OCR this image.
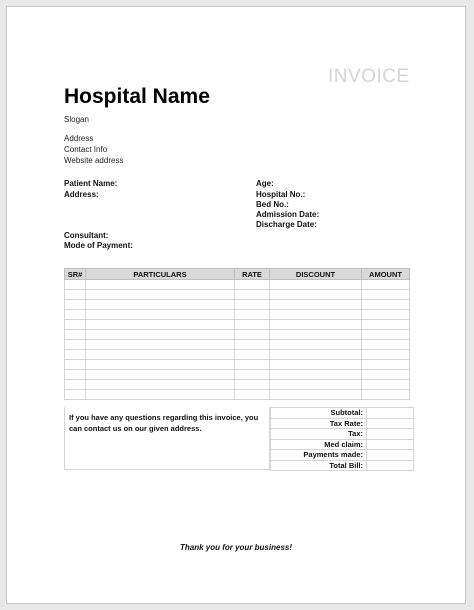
INVOICE
Hospital Name
Slogan
Address
Contact Info
Website address
Patient Name:
Address:
Age:
Hospital No.:
Bed No.:
Admission Date:
Discharge Date:
Consultant:
Mode of Payment:
SR#	PARTICULARS	RATE	DISCOUNT	AMOUNT

If you have any questions regarding this invoice, you can contact us on our given address.
Subtotal:	
Tax Rate:	
Tax:	
Med claim:	
Payments made:	
Total Bill:	
Thank you for your business!
